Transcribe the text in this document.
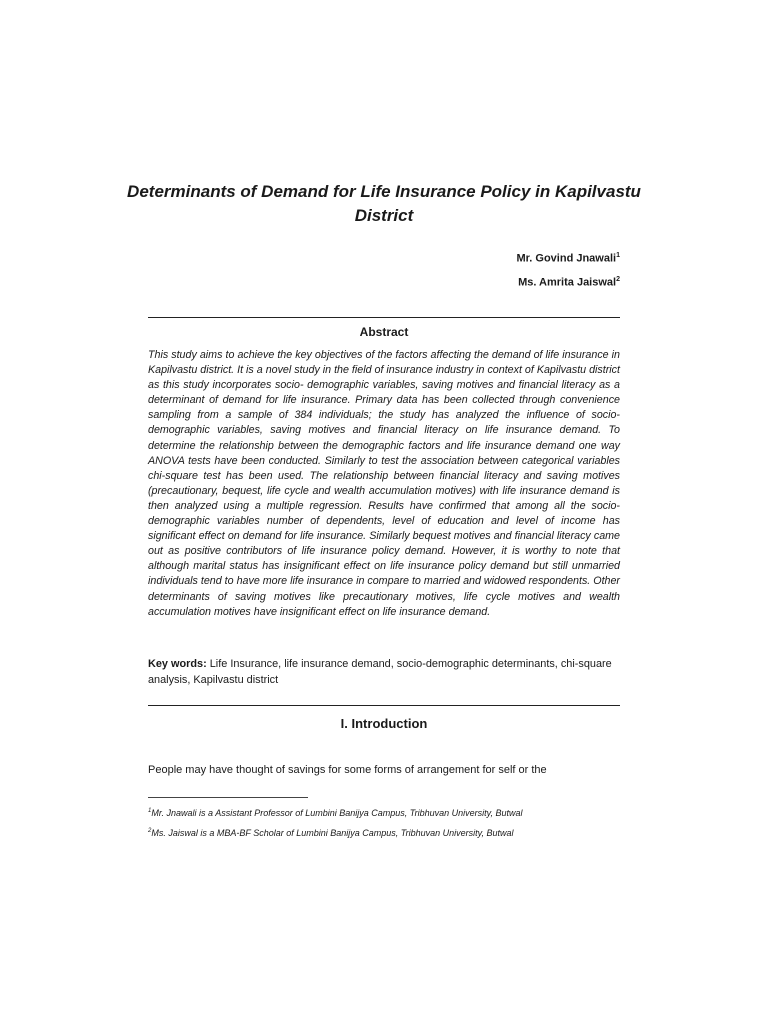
Determinants of Demand for Life Insurance Policy in Kapilvastu District
Mr. Govind Jnawali$^1$
Ms. Amrita Jaiswal$^2$
Abstract

This study aims to achieve the key objectives of the factors affecting the demand of life insurance in Kapilvastu district. It is a novel study in the field of insurance industry in context of Kapilvastu district as this study incorporates socio- demographic variables, saving motives and financial literacy as a determinant of demand for life insurance. Primary data has been collected through convenience sampling from a sample of 384 individuals; the study has analyzed the influence of socio-demographic variables, saving motives and financial literacy on life insurance demand. To determine the relationship between the demographic factors and life insurance demand one way ANOVA tests have been conducted. Similarly to test the association between categorical variables chi-square test has been used. The relationship between financial literacy and saving motives (precautionary, bequest, life cycle and wealth accumulation motives) with life insurance demand is then analyzed using a multiple regression. Results have confirmed that among all the socio- demographic variables number of dependents, level of education and level of income has significant effect on demand for life insurance. Similarly bequest motives and financial literacy came out as positive contributors of life insurance policy demand. However, it is worthy to note that although marital status has insignificant effect on life insurance policy demand but still unmarried individuals tend to have more life insurance in compare to married and widowed respondents. Other determinants of saving motives like precautionary motives, life cycle motives and wealth accumulation motives have insignificant effect on life insurance demand.

Key words: Life Insurance, life insurance demand, socio-demographic determinants, chi-square analysis, Kapilvastu district

I. Introduction

People may have thought of savings for some forms of arrangement for self or the

$^1$Mr. Jnawali is a Assistant Professor of Lumbini Banijya Campus, Tribhuvan University, Butwal

$^2$Ms. Jaiswal is a MBA-BF Scholar of Lumbini Banijya Campus, Tribhuvan University, Butwal
